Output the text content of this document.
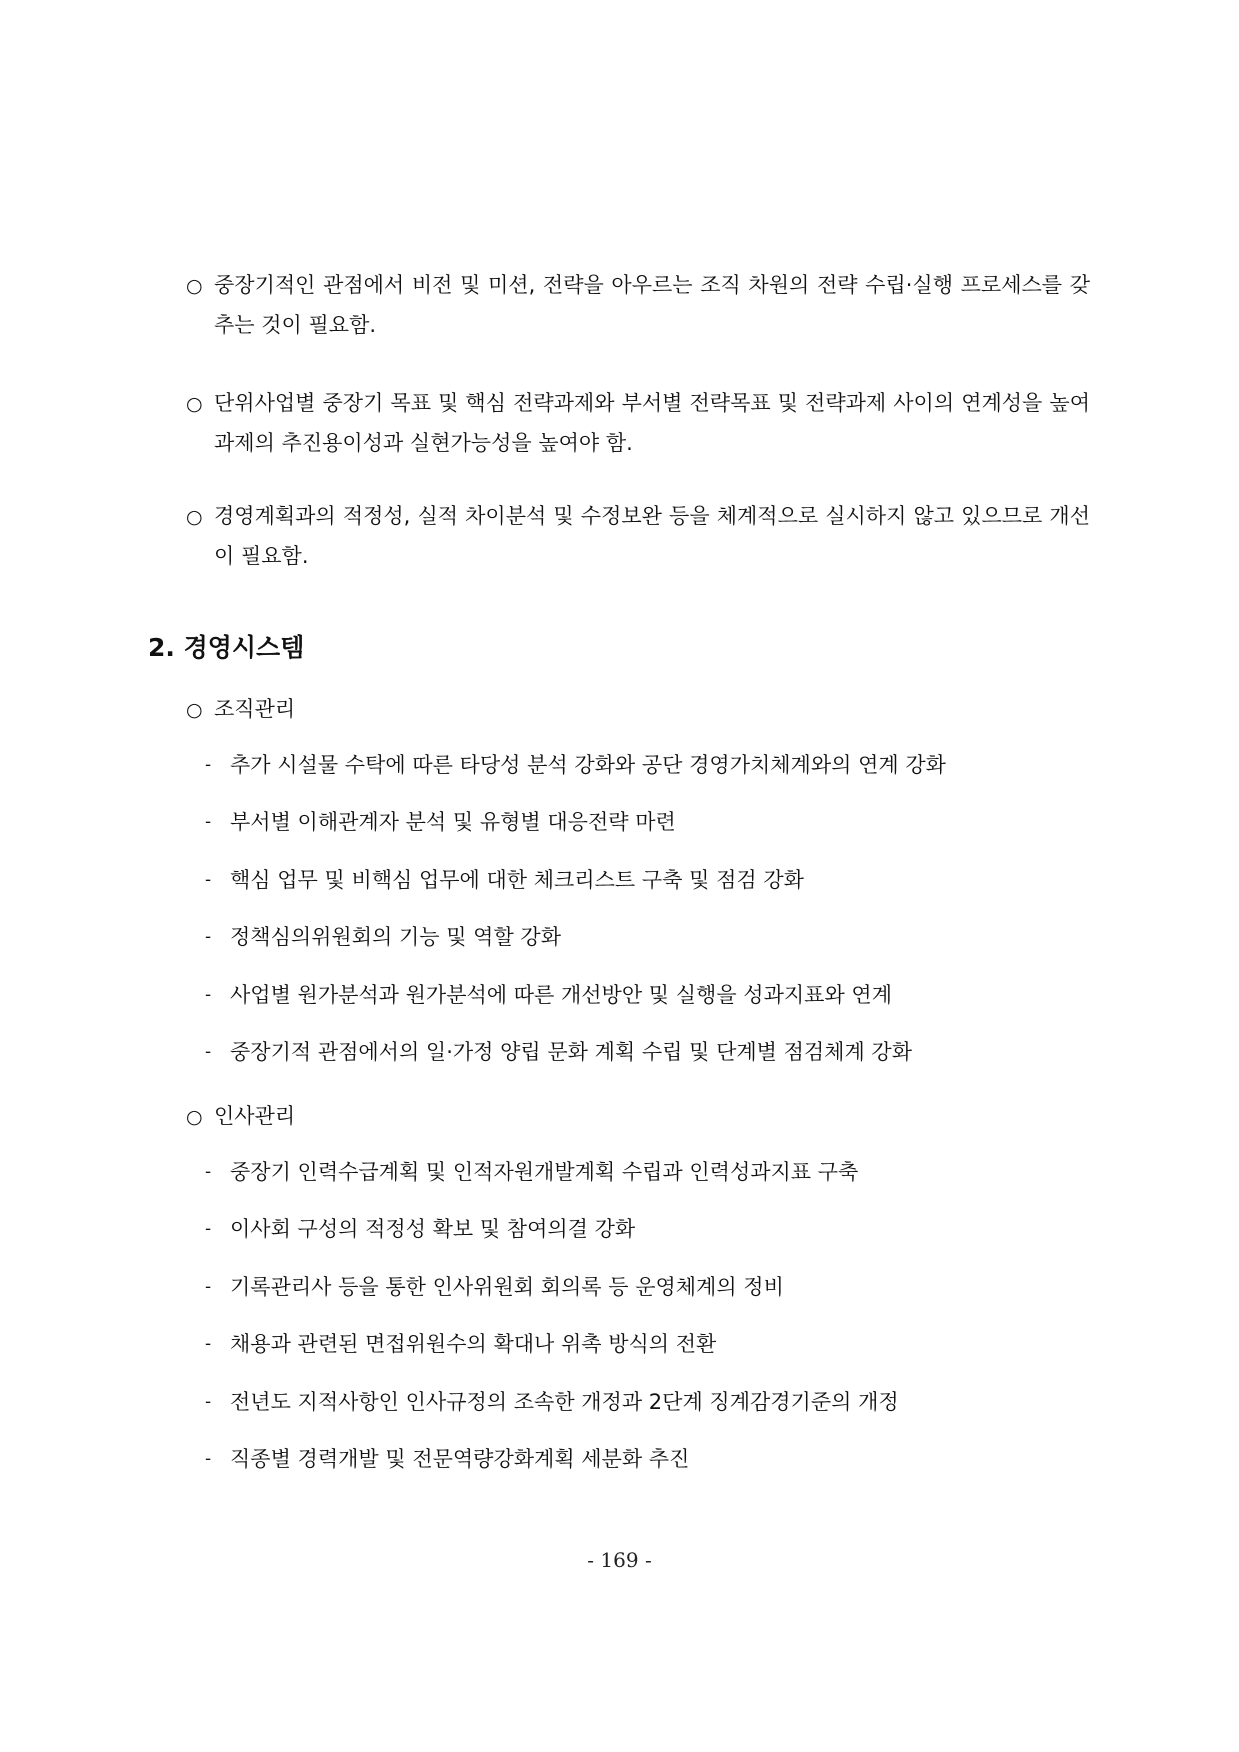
○ 중장기적인 관점에서 비전 및 미션, 전략을 아우르는 조직 차원의 전략 수립·실행 프로세스를 갖추는 것이 필요함.

○ 단위사업별 중장기 목표 및 핵심 전략과제와 부서별 전략목표 및 전략과제 사이의 연계성을 높여 과제의 추진용이성과 실현가능성을 높여야 함.

○ 경영계획과의 적정성, 실적 차이분석 및 수정보완 등을 체계적으로 실시하지 않고 있으므로 개선이 필요함.

2. 경영시스템
○ 조직관리
- 추가 시설물 수탁에 따른 타당성 분석 강화와 공단 경영가치체계와의 연계 강화
- 부서별 이해관계자 분석 및 유형별 대응전략 마련
- 핵심 업무 및 비핵심 업무에 대한 체크리스트 구축 및 점검 강화
- 정책심의위원회의 기능 및 역할 강화
- 사업별 원가분석과 원가분석에 따른 개선방안 및 실행을 성과지표와 연계
- 중장기적 관점에서의 일·가정 양립 문화 계획 수립 및 단계별 점검체계 강화
○ 인사관리
- 중장기 인력수급계획 및 인적자원개발계획 수립과 인력성과지표 구축
- 이사회 구성의 적정성 확보 및 참여의결 강화
- 기록관리사 등을 통한 인사위원회 회의록 등 운영체계의 정비
- 채용과 관련된 면접위원수의 확대나 위촉 방식의 전환
- 전년도 지적사항인 인사규정의 조속한 개정과 2단계 징계감경기준의 개정
- 직종별 경력개발 및 전문역량강화계획 세분화 추진
- 169 -
